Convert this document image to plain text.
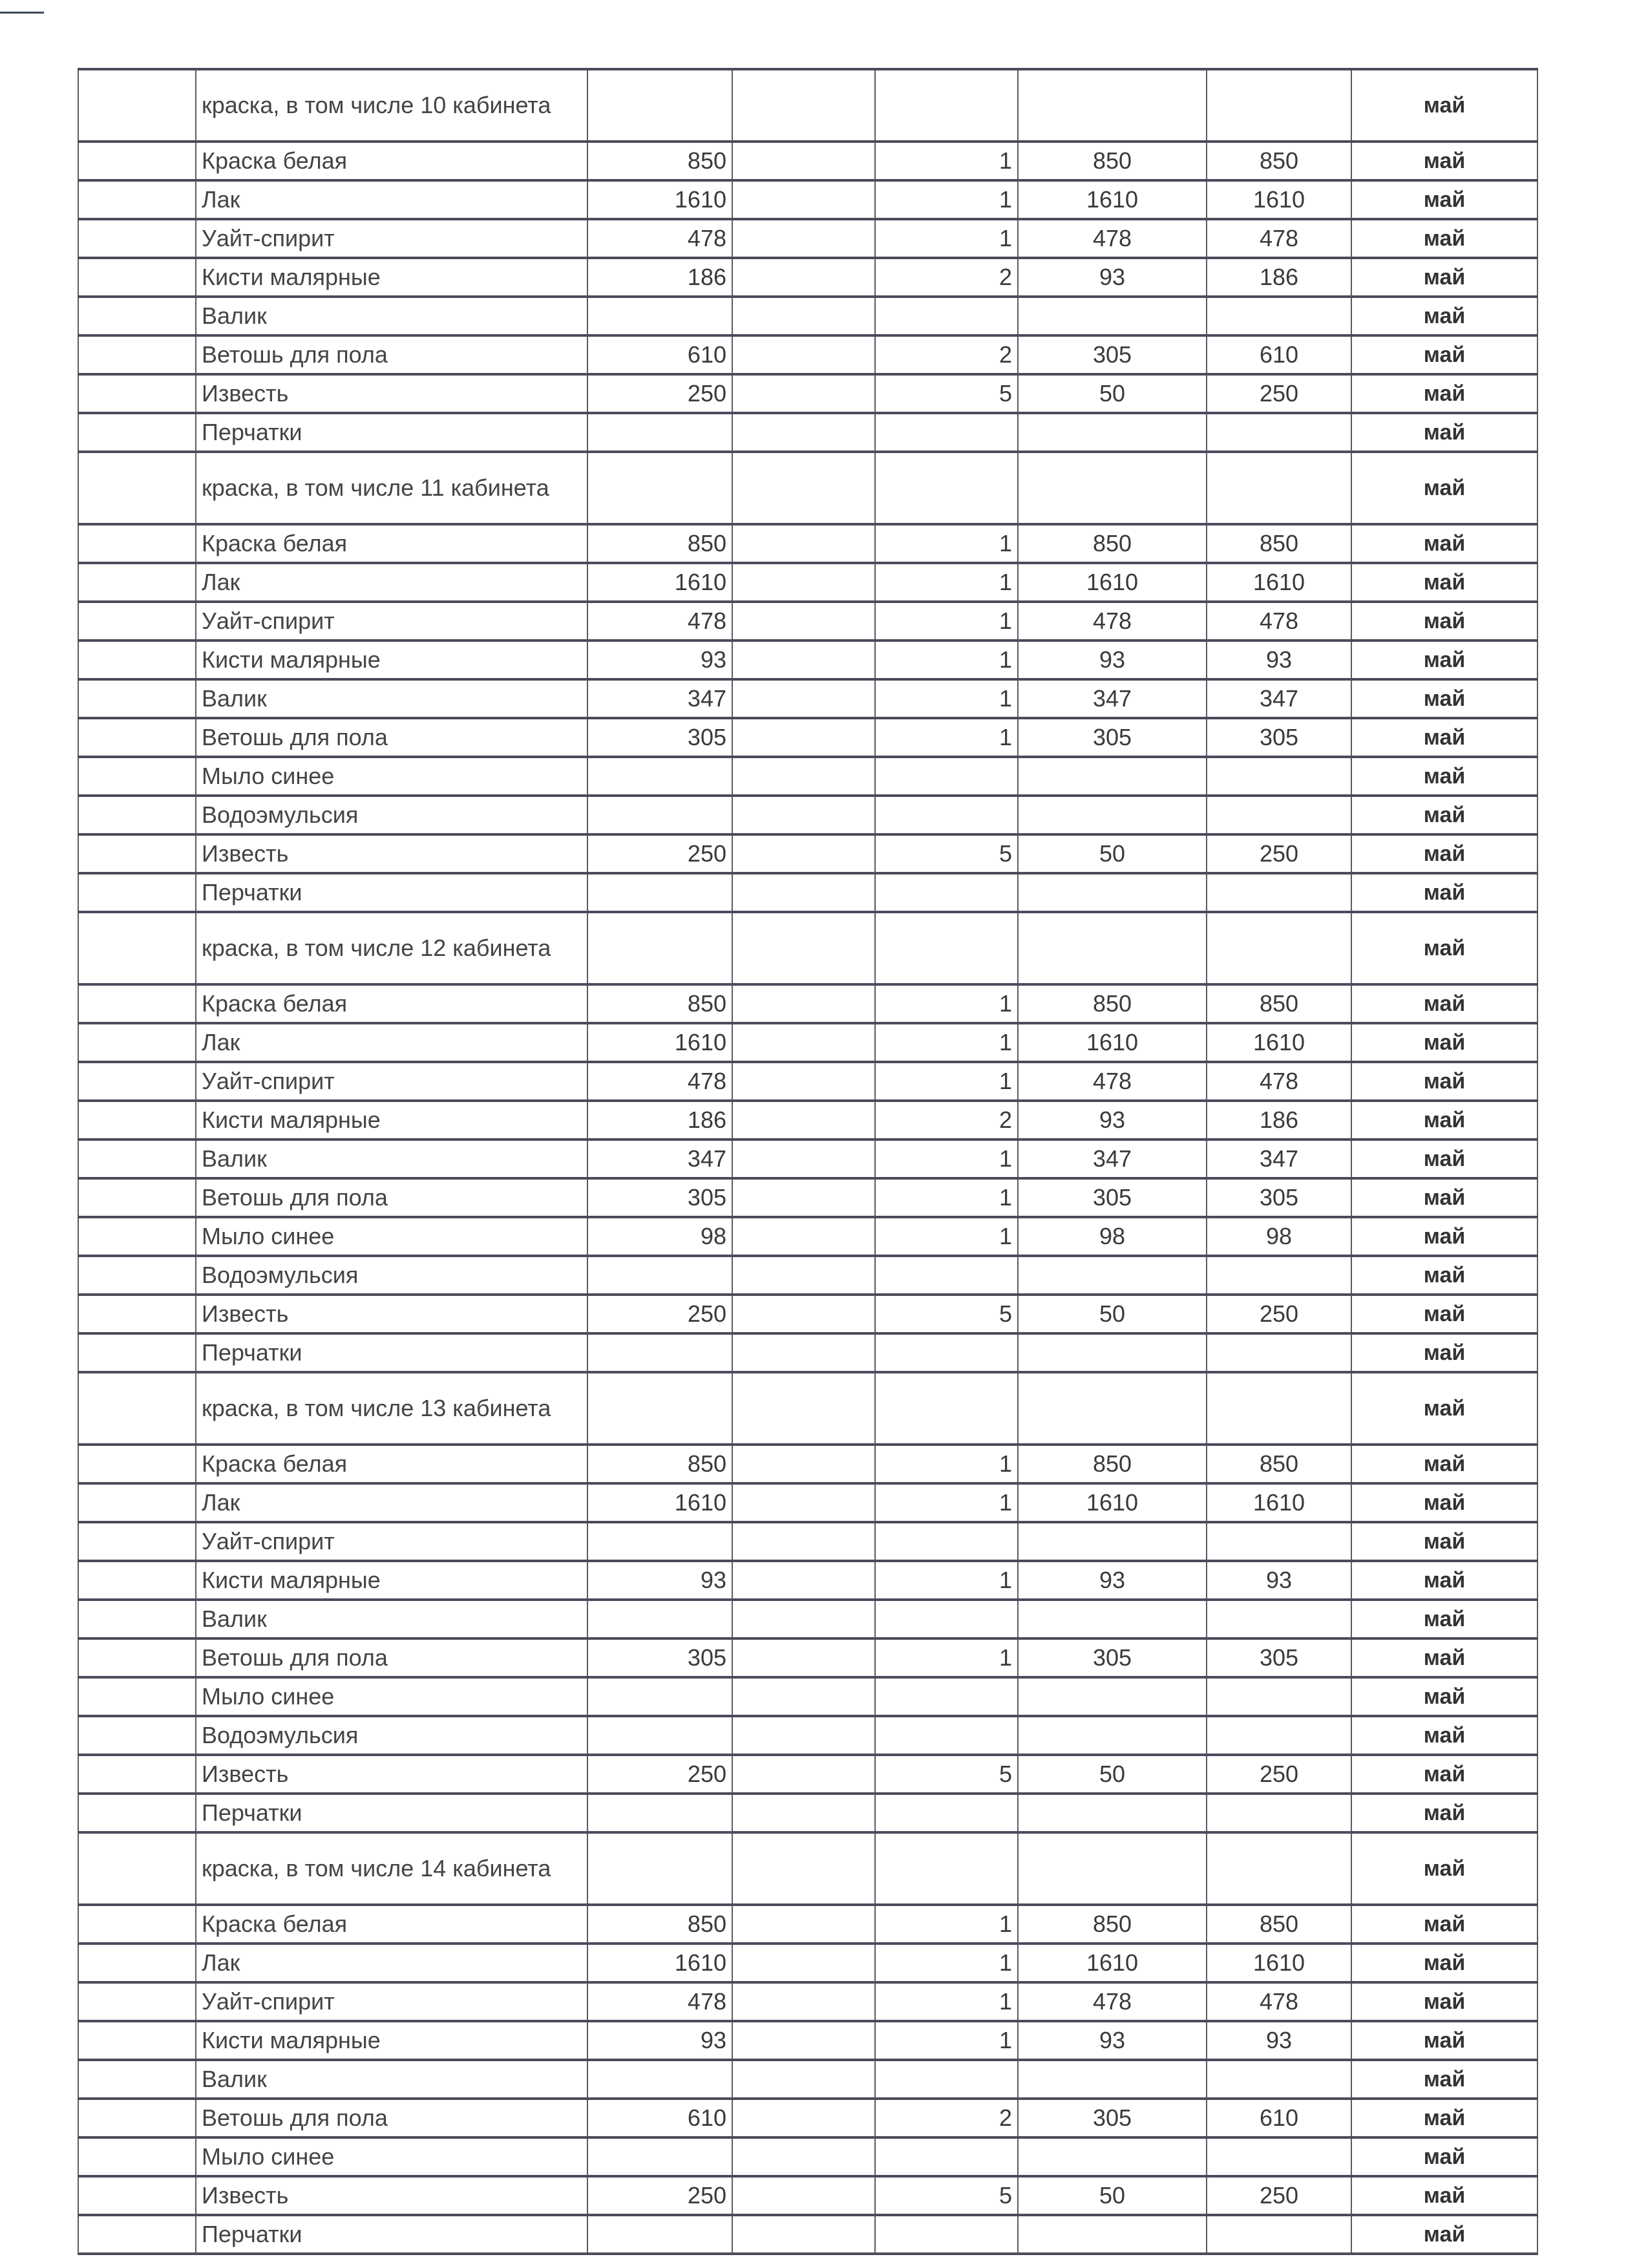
	краска, в том числе 10 кабинета						май
	Краска белая	850		1	850	850	май
	Лак	1610		1	1610	1610	май
	Уайт-спирит	478		1	478	478	май
	Кисти малярные	186		2	93	186	май
	Валик						май
	Ветошь для пола	610		2	305	610	май
	Известь	250		5	50	250	май
	Перчатки						май
	краска, в том числе 11 кабинета						май
	Краска белая	850		1	850	850	май
	Лак	1610		1	1610	1610	май
	Уайт-спирит	478		1	478	478	май
	Кисти малярные	93		1	93	93	май
	Валик	347		1	347	347	май
	Ветошь для пола	305		1	305	305	май
	Мыло синее						май
	Водоэмульсия						май
	Известь	250		5	50	250	май
	Перчатки						май
	краска, в том числе 12 кабинета						май
	Краска белая	850		1	850	850	май
	Лак	1610		1	1610	1610	май
	Уайт-спирит	478		1	478	478	май
	Кисти малярные	186		2	93	186	май
	Валик	347		1	347	347	май
	Ветошь для пола	305		1	305	305	май
	Мыло синее	98		1	98	98	май
	Водоэмульсия						май
	Известь	250		5	50	250	май
	Перчатки						май
	краска, в том числе 13 кабинета						май
	Краска белая	850		1	850	850	май
	Лак	1610		1	1610	1610	май
	Уайт-спирит						май
	Кисти малярные	93		1	93	93	май
	Валик						май
	Ветошь для пола	305		1	305	305	май
	Мыло синее						май
	Водоэмульсия						май
	Известь	250		5	50	250	май
	Перчатки						май
	краска, в том числе 14 кабинета						май
	Краска белая	850		1	850	850	май
	Лак	1610		1	1610	1610	май
	Уайт-спирит	478		1	478	478	май
	Кисти малярные	93		1	93	93	май
	Валик						май
	Ветошь для пола	610		2	305	610	май
	Мыло синее						май
	Известь	250		5	50	250	май
	Перчатки						май
